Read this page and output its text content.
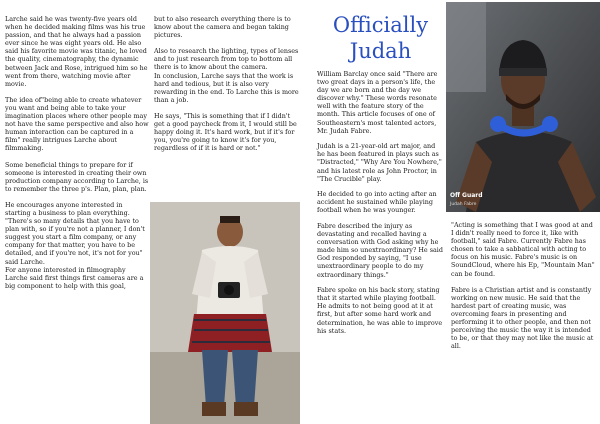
Larche said he was twenty-five years old when he decided making films was his true passion, and that he always had a passion ever since he was eight years old. He also said his favorite movie was titanic, he loved the quality, cinematography, the dynamic between Jack and Rose, intrigued him so he went from there, watching movie after movie.

The idea of"being able to create whatever you want and being able to take your imagination places where other people may not have the same perspective and also how human interaction can be captured in a film" really intrigues Larche about filmmaking.

Some beneficial things to prepare for if someone is interested in creating their own production company according to Larche, is to remember the three p's. Plan, plan, plan.

He encourages anyone interested in starting a business to plan everything. "There's so many details that you have to plan with, so if you're not a planner, I don't suggest you start a film company, or any company for that matter, you have to be detailed, and if you're not, it's not for you" said Larche.

For anyone interested in filmography Larche said first things first cameras are a big component to help with this goal,

but to also research everything there is to know about the camera and began taking pictures.

Also to research the lighting, types of lenses and to just research from top to bottom all there is to know about the camera.

In conclusion, Larche says that the work is hard and tedious, but it is also very rewarding in the end. To Larche this is more than a job.

He says, "This is something that if I didn't get a good paycheck from it, I would still be happy doing it. It's hard work, but if it's for you, you're going to know it's for you, regardless of if it is hard or not."

Officially Judah

William Barclay once said "There are two great days in a person's life, the day we are born and the day we discover why." These words resonate well with the feature story of the month. This article focuses of one of Southeastern's most talented actors, Mr. Judah Fabre.

Judah is a 21-year-old art major, and he has been featured in plays such as "Distracted," "Why Are You Nowhere," and his latest role as John Proctor, in "The Crucible" play.

He decided to go into acting after an accident he sustained while playing football when he was younger.

Fabre described the injury as devastating and recalled having a conversation with God asking why he made him so unextraordinary? He said God responded by saying, "I use unextraordinary people to do my extraordinary things."

Fabre spoke on his back story, stating that it started while playing football. He admits to not being good at it at first, but after some hard work and determination, he was able to improve his stats.

Off Guard
Judah Fabre

"Acting is something that I was good at and I didn't really need to force it, like with football," said Fabre. Currently Fabre has chosen to take a sabbatical with acting to focus on his music. Fabre's music is on SoundCloud, where his Ep, "Mountain Man" can be found.

Fabre is a Christian artist and is constantly working on new music. He said that the hardest part of creating music, was overcoming fears in presenting and performing it to other people, and then not perceiving the music the way it is intended to be, or that they may not like the music at all.
